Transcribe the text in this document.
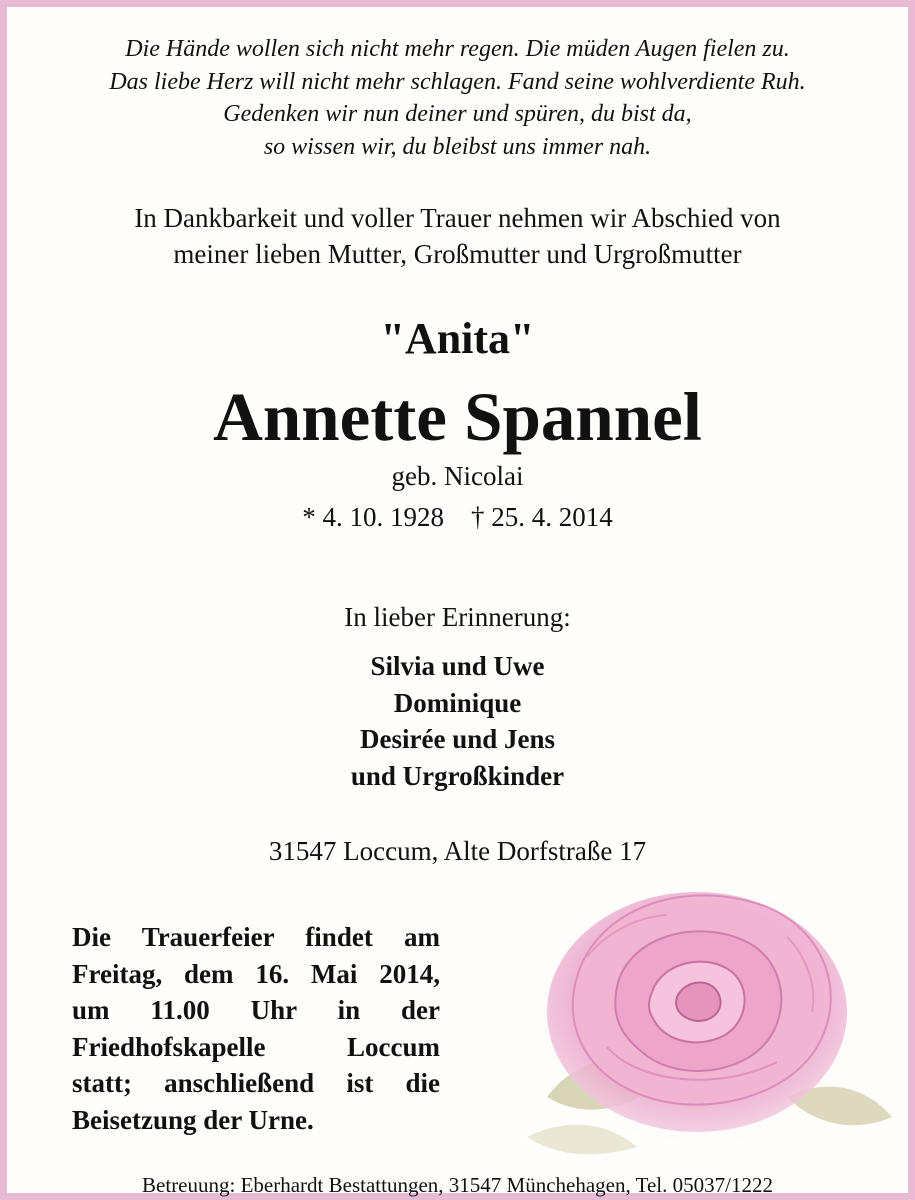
Die Hände wollen sich nicht mehr regen. Die müden Augen fielen zu.
Das liebe Herz will nicht mehr schlagen. Fand seine wohlverdiente Ruh.
Gedenken wir nun deiner und spüren, du bist da,
so wissen wir, du bleibst uns immer nah.
In Dankbarkeit und voller Trauer nehmen wir Abschied von
meiner lieben Mutter, Großmutter und Urgroßmutter
"Anita"
Annette Spannel
geb. Nicolai
* 4. 10. 1928    † 25. 4. 2014
In lieber Erinnerung:
Silvia und Uwe
Dominique
Desirée und Jens
und Urgroßkinder
31547 Loccum, Alte Dorfstraße 17
Die Trauerfeier findet am
Freitag, dem 16. Mai 2014,
um 11.00 Uhr in der
Friedhofskapelle Loccum
statt; anschließend ist die
Beisetzung der Urne.
Betreuung: Eberhardt Bestattungen, 31547 Münchehagen, Tel. 05037/1222
